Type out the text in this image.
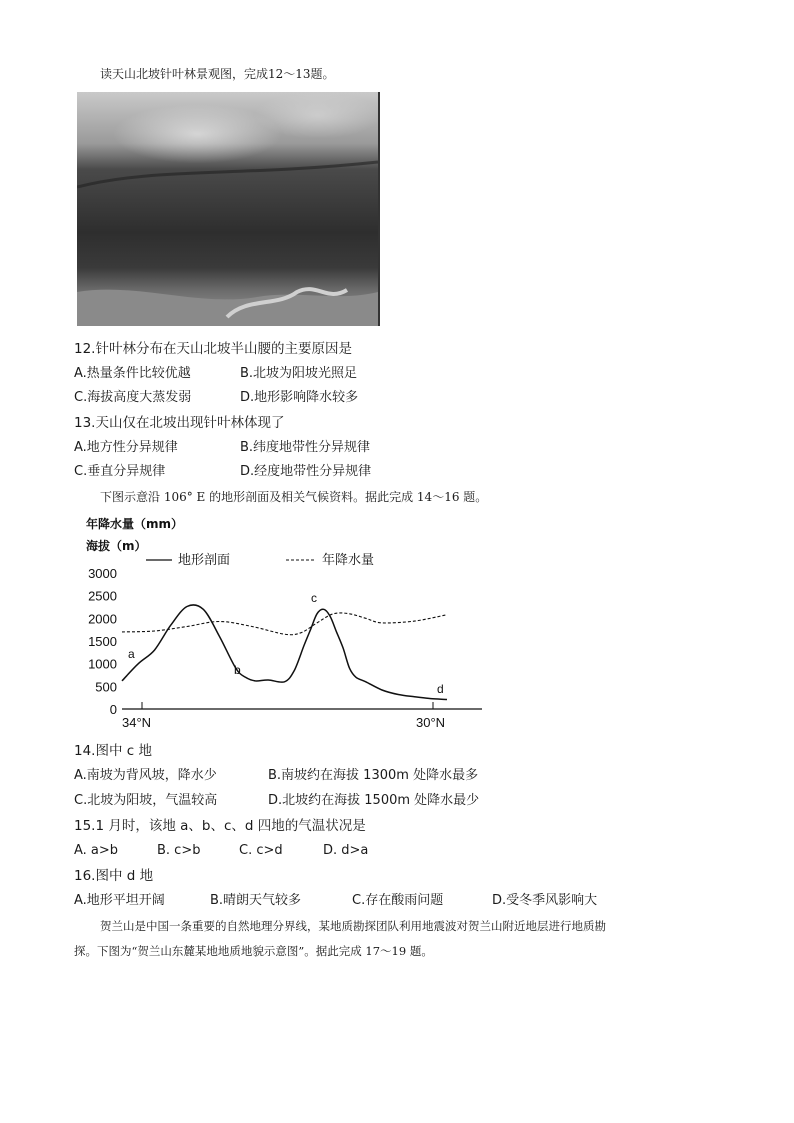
读天山北坡针叶林景观图，完成12～13题。
12.针叶林分布在天山北坡半山腰的主要原因是
A.热量条件比较优越	B.北坡为阳坡光照足
C.海拔高度大蒸发弱	D.地形影响降水较多
13.天山仅在北坡出现针叶林体现了
A.地方性分异规律	B.纬度地带性分异规律
C.垂直分异规律	D.经度地带性分异规律
下图示意沿 106° E 的地形剖面及相关气候资料。据此完成 14～16 题。
年降水量（mm）
海拔（m）
地形剖面	年降水量
3000
2500
2000
1500
1000
500
0
34°N	30°N
a
b
c
d
14.图中 c 地
A.南坡为背风坡，降水少	B.南坡约在海拔 1300m 处降水最多
C.北坡为阳坡，气温较高	D.北坡约在海拔 1500m 处降水最少
15.1 月时，该地 a、b、c、d 四地的气温状况是
A. a>b	B. c>b	C. c>d	D. d>a
16.图中 d 地
A.地形平坦开阔	B.晴朗天气较多	C.存在酸雨问题	D.受冬季风影响大
贺兰山是中国一条重要的自然地理分界线，某地质勘探团队利用地震波对贺兰山附近地层进行地质勘
探。下图为“贺兰山东麓某地地质地貌示意图”。据此完成 17～19 题。
